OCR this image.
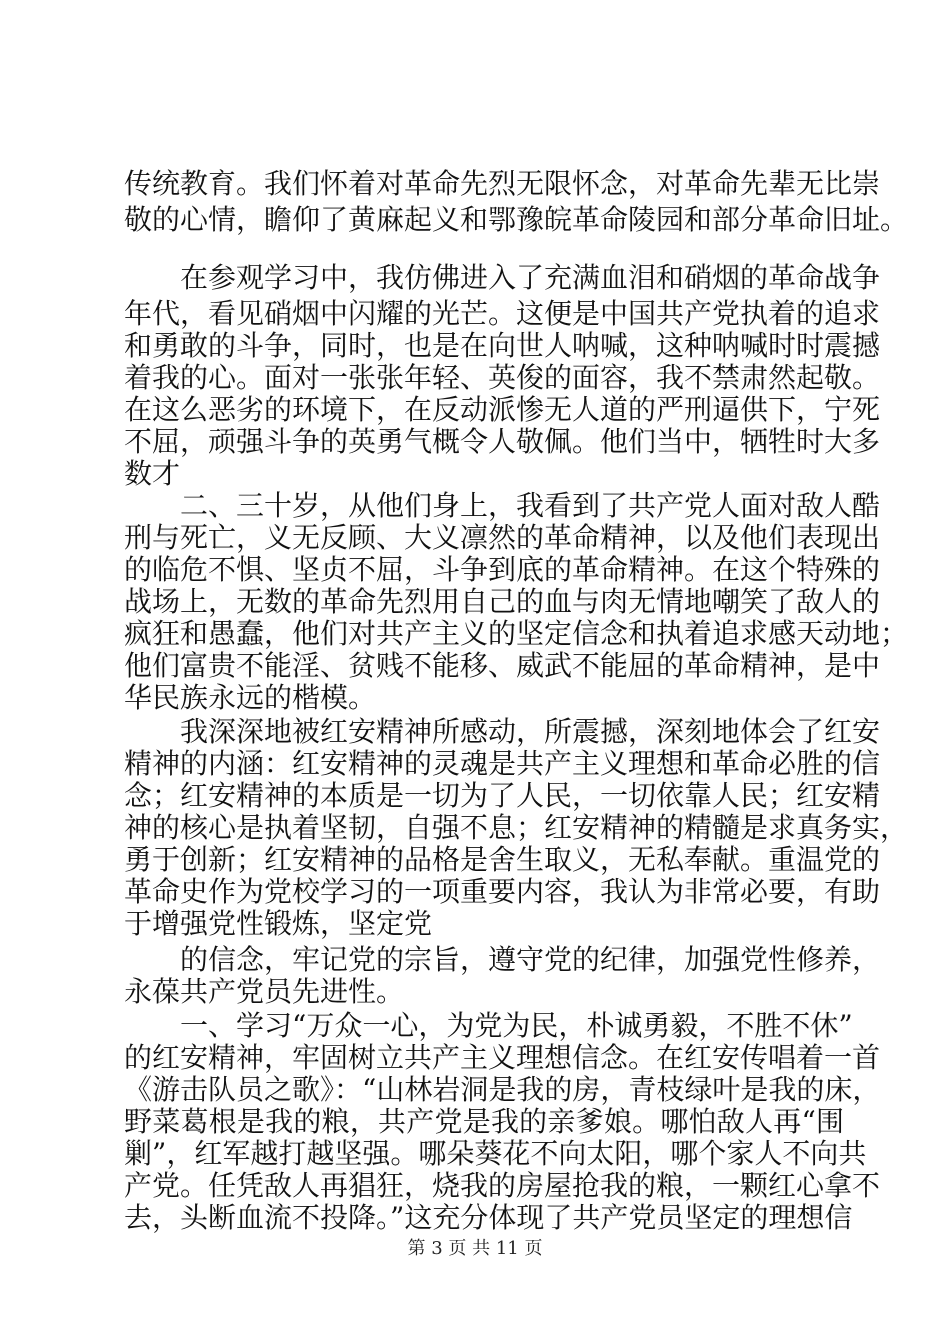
传统教育。我们怀着对革命先烈无限怀念，对革命先辈无比崇
敬的心情，瞻仰了黄麻起义和鄂豫皖革命陵园和部分革命旧址。
　　在参观学习中，我仿佛进入了充满血泪和硝烟的革命战争
年代，看见硝烟中闪耀的光芒。这便是中国共产党执着的追求
和勇敢的斗争，同时，也是在向世人呐喊，这种呐喊时时震撼
着我的心。面对一张张年轻、英俊的面容，我不禁肃然起敬。
在这么恶劣的环境下，在反动派惨无人道的严刑逼供下，宁死
不屈，顽强斗争的英勇气概令人敬佩。他们当中，牺牲时大多
数才
　　二、三十岁，从他们身上，我看到了共产党人面对敌人酷
刑与死亡，义无反顾、大义凛然的革命精神，以及他们表现出
的临危不惧、坚贞不屈，斗争到底的革命精神。在这个特殊的
战场上，无数的革命先烈用自己的血与肉无情地嘲笑了敌人的
疯狂和愚蠢，他们对共产主义的坚定信念和执着追求感天动地；
他们富贵不能淫、贫贱不能移、威武不能屈的革命精神，是中
华民族永远的楷模。
　　我深深地被红安精神所感动，所震撼，深刻地体会了红安
精神的内涵：红安精神的灵魂是共产主义理想和革命必胜的信
念；红安精神的本质是一切为了人民，一切依靠人民；红安精
神的核心是执着坚韧，自强不息；红安精神的精髓是求真务实，
勇于创新；红安精神的品格是舍生取义，无私奉献。重温党的
革命史作为党校学习的一项重要内容，我认为非常必要，有助
于增强党性锻炼，坚定党
　　的信念，牢记党的宗旨，遵守党的纪律，加强党性修养，
永葆共产党员先进性。
　　一、学习“万众一心，为党为民，朴诚勇毅，不胜不休”
的红安精神，牢固树立共产主义理想信念。在红安传唱着一首
《游击队员之歌》：“山林岩洞是我的房，青枝绿叶是我的床，
野菜葛根是我的粮，共产党是我的亲爹娘。哪怕敌人再“围
剿”，红军越打越坚强。哪朵葵花不向太阳，哪个家人不向共
产党。任凭敌人再猖狂，烧我的房屋抢我的粮，一颗红心拿不
去，头断血流不投降。”这充分体现了共产党员坚定的理想信
第 3 页 共 11 页
